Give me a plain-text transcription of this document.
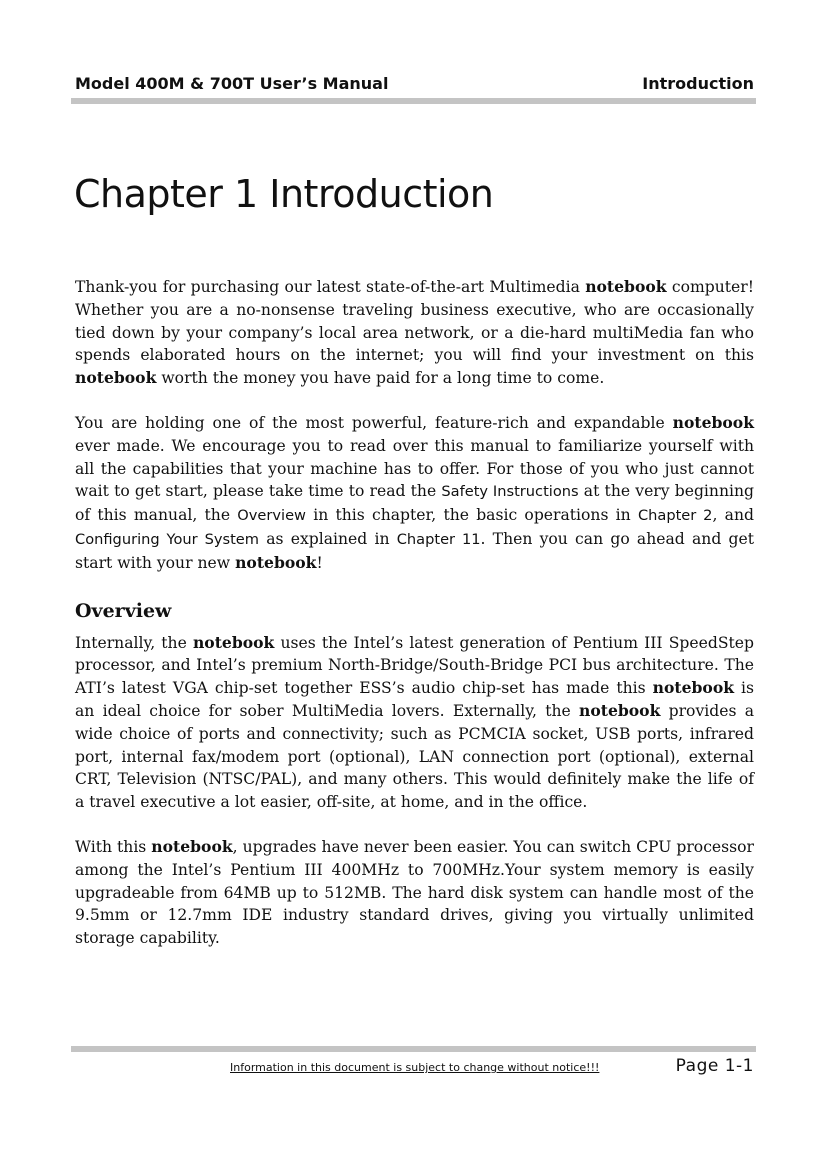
Model 400M & 700T User’s Manual	Introduction
Chapter 1 Introduction

Thank-you for purchasing our latest state-of-the-art Multimedia notebook computer! Whether you are a no-nonsense traveling business executive, who are occasionally tied down by your company’s local area network, or a die-hard multiMedia fan who spends elaborated hours on the internet; you will find your investment on this notebook worth the money you have paid for a long time to come.

You are holding one of the most powerful, feature-rich and expandable notebook ever made. We encourage you to read over this manual to familiarize yourself with all the capabilities that your machine has to offer. For those of you who just cannot wait to get start, please take time to read the Safety Instructions at the very beginning of this manual, the Overview in this chapter, the basic operations in Chapter 2, and Configuring Your System as explained in Chapter 11. Then you can go ahead and get start with your new notebook!

Overview

Internally, the notebook uses the Intel’s latest generation of Pentium III SpeedStep processor, and Intel’s premium North-Bridge/South-Bridge PCI bus architecture. The ATI’s latest VGA chip-set together ESS’s audio chip-set has made this notebook is an ideal choice for sober MultiMedia lovers. Externally, the notebook provides a wide choice of ports and connectivity; such as PCMCIA socket, USB ports, infrared port, internal fax/modem port (optional), LAN connection port (optional), external CRT, Television (NTSC/PAL), and many others. This would definitely make the life of a travel executive a lot easier, off-site, at home, and in the office.

With this notebook, upgrades have never been easier. You can switch CPU processor among the Intel’s Pentium III 400MHz to 700MHz.Your system memory is easily upgradeable from 64MB up to 512MB. The hard disk system can handle most of the 9.5mm or 12.7mm IDE industry standard drives, giving you virtually unlimited storage capability.

Information in this document is subject to change without notice!!!	Page 1-1
